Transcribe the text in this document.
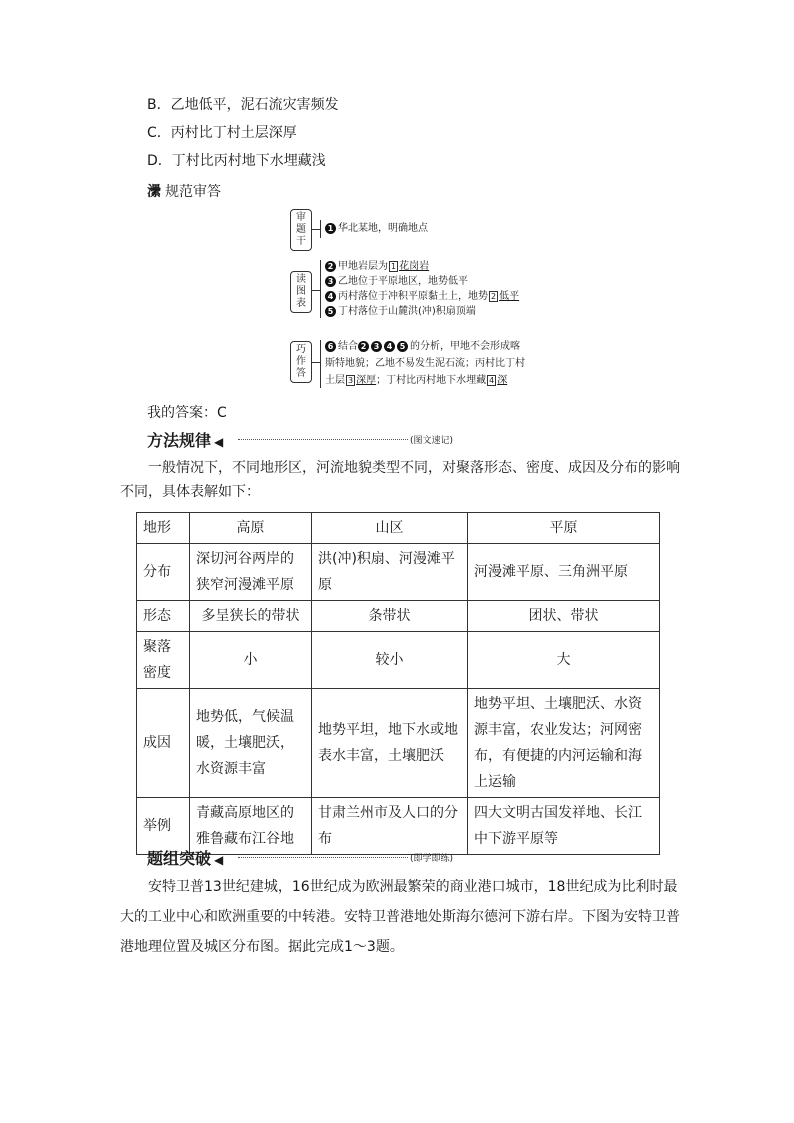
B．乙地低平，泥石流灾害频发
C．丙村比丁村土层深厚
D．丁村比丙村地下水埋藏浅
㶟 规范审答
审
题
干
1 华北某地，明确地点
读
图
表
2 甲地岩层为 1 花岗岩
3 乙地位于平原地区，地势低平
4 丙村落位于冲积平原黏土上，地势 2 低平
5 丁村落位于山麓洪(冲)积扇顶端
巧
作
答
6 结合 2 3 4 5 的分析，甲地不会形成喀
斯特地貌；乙地不易发生泥石流；丙村比丁村
土层 3 深厚；丁村比丙村地下水埋藏 4 深
我的答案：C
方法规律 ◀	(图文速记)
一般情况下，不同地形区，河流地貌类型不同，对聚落形态、密度、成因及分布的影响不同，具体表解如下：
地形	高原	山区	平原
分布	深切河谷两岸的狭窄河漫滩平原	洪(冲)积扇、河漫滩平原	河漫滩平原、三角洲平原
形态	多呈狭长的带状	条带状	团状、带状
聚落密度	小	较小	大
成因	地势低，气候温暖，土壤肥沃，水资源丰富	地势平坦，地下水或地表水丰富，土壤肥沃	地势平坦、土壤肥沃、水资源丰富，农业发达；河网密布，有便捷的内河运输和海上运输
举例	青藏高原地区的雅鲁藏布江谷地	甘肃兰州市及人口的分布	四大文明古国发祥地、长江中下游平原等
题组突破 ◀	(即学即练)
安特卫普13世纪建城，16世纪成为欧洲最繁荣的商业港口城市，18世纪成为比利时最大的工业中心和欧洲重要的中转港。安特卫普港地处斯海尔德河下游右岸。下图为安特卫普港地理位置及城区分布图。据此完成1～3题。
